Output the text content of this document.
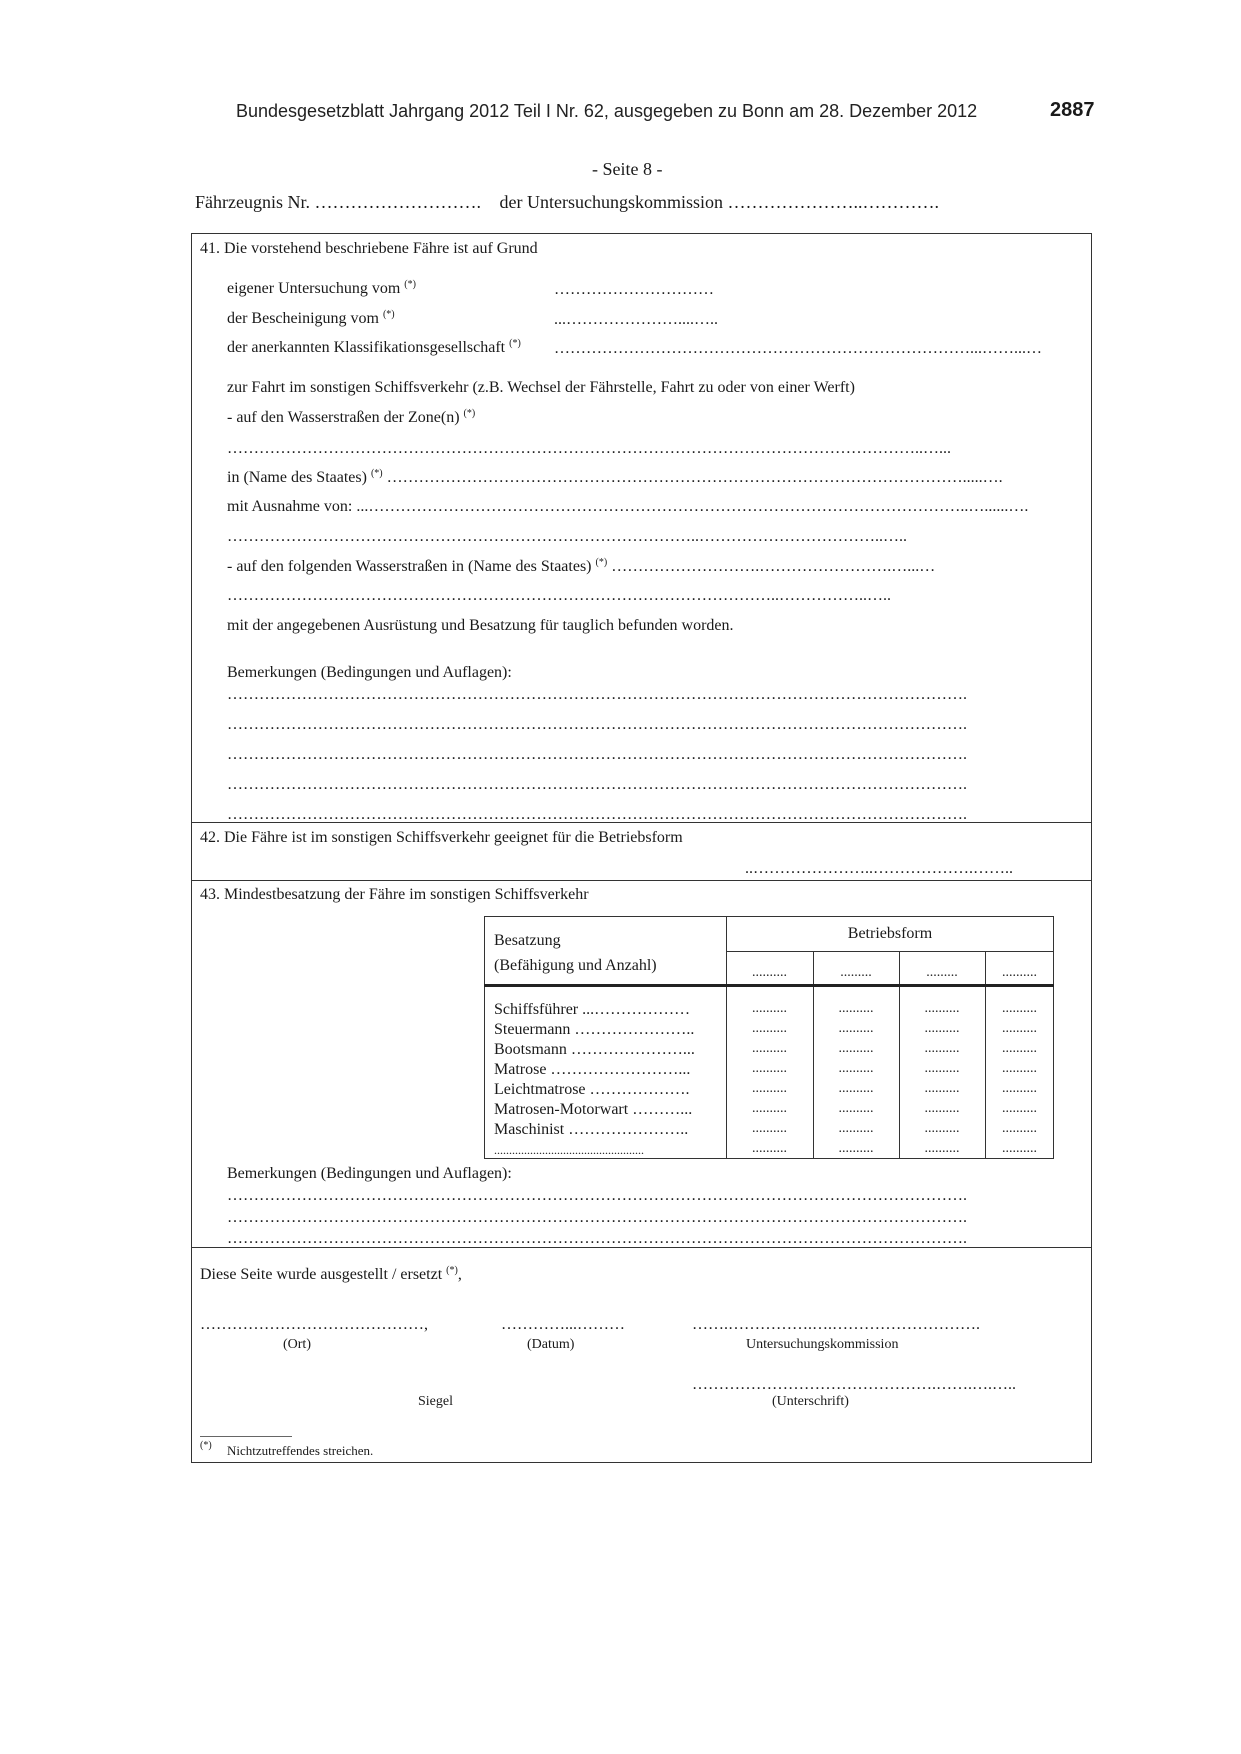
Bundesgesetzblatt Jahrgang 2012 Teil I Nr. 62, ausgegeben zu Bonn am 28. Dezember 2012	2887
- Seite 8 -
Fährzeugnis Nr. ………………………. der Untersuchungskommission …………………..………….
41. Die vorstehend beschriebene Fähre ist auf Grund
eigener Untersuchung vom (*)	…………………………
der Bescheinigung vom (*)	...…………………....…..
der anerkannten Klassifikationsgesellschaft (*) ……………………………………………………………………...……...…
zur Fahrt im sonstigen Schiffsverkehr (z.B. Wechsel der Fährstelle, Fahrt zu oder von einer Werft)
- auf den Wasserstraßen der Zone(n) (*)
…………………………………………………………………………………………………………………..…...
in (Name des Staates) (*) ……………………………………………………………………………………………….....….
mit Ausnahme von: ...…………………………………………………………………………………………………..…......….
……………………………………………………………………………..……………………………..…..
- auf den folgenden Wasserstraßen in (Name des Staates) (*) ……………………….…………………….…...…
…………………………………………………………………………………………..……………..…..
mit der angegebenen Ausrüstung und Besatzung für tauglich befunden worden.
Bemerkungen (Bedingungen und Auflagen):
………………………………………………………………………………………………………………………….
………………………………………………………………………………………………………………………….
………………………………………………………………………………………………………………………….
………………………………………………………………………………………………………………………….
………………………………………………………………………………………………………………………….
42. Die Fähre ist im sonstigen Schiffsverkehr geeignet für die Betriebsform
..…………………..……………….……..
43. Mindestbesatzung der Fähre im sonstigen Schiffsverkehr
Besatzung
(Befähigung und Anzahl)
Betriebsform
..........	.........	.........	..........
Schiffsführer ...………………	..........	..........	..........	..........
Steuermann …………………..	..........	..........	..........	..........
Bootsmann …………………...	..........	..........	..........	..........
Matrose ……………………...	..........	..........	..........	..........
Leichtmatrose ……………….	..........	..........	..........	..........
Matrosen-Motorwart ………...	..........	..........	..........	..........
Maschinist …………………..	..........	..........	..........	..........
..................................................	..........	..........	..........	..........
Bemerkungen (Bedingungen und Auflagen):
………………………………………………………………………………………………………………………….
………………………………………………………………………………………………………………………….
………………………………………………………………………………………………………………………….
Diese Seite wurde ausgestellt / ersetzt (*),
……………………………………,
(Ort)
…………...………
(Datum)
…….…………….….……………………….
Untersuchungskommission
……………………………………….…….….…..
Siegel	(Unterschrift)
(*) Nichtzutreffendes streichen.
